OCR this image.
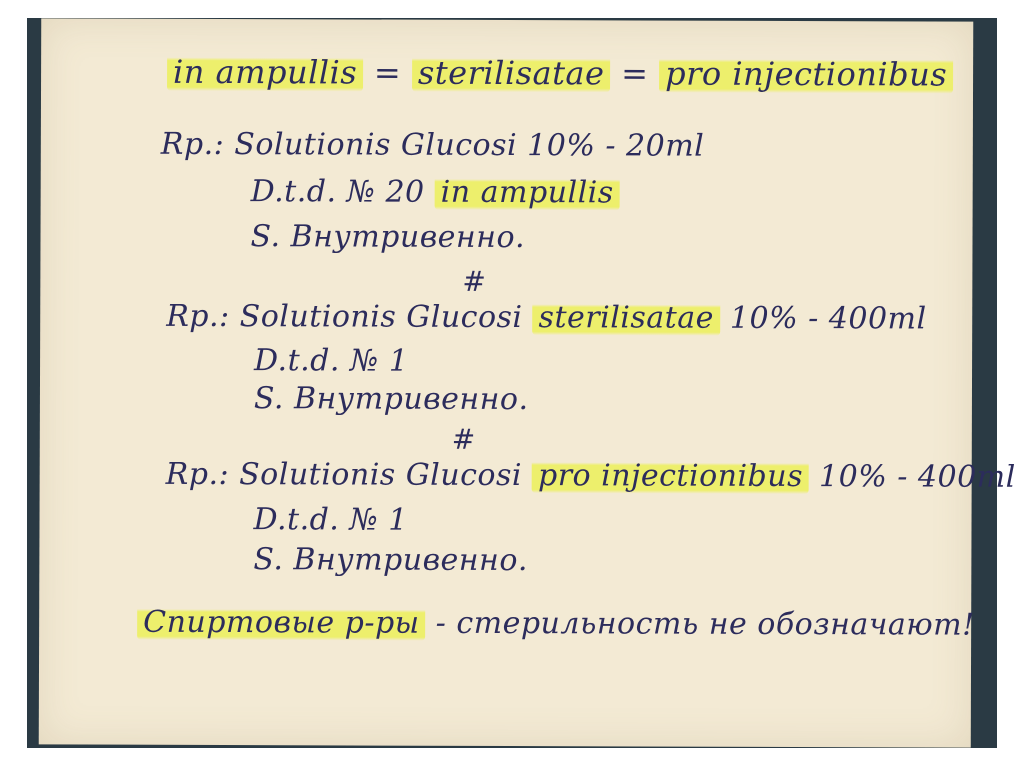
in ampullis = sterilisatae = pro injectionibus
Rp.: Solutionis Glucosi 10% - 20ml
D.t.d. № 20 in ampullis
S. Внутривенно.
#
Rp.: Solutionis Glucosi sterilisatae 10% - 400ml
D.t.d. № 1
S. Внутривенно.
#
Rp.: Solutionis Glucosi pro injectionibus 10% - 400ml
D.t.d. № 1
S. Внутривенно.
Спиртовые р-ры - стерильность не обозначают!
